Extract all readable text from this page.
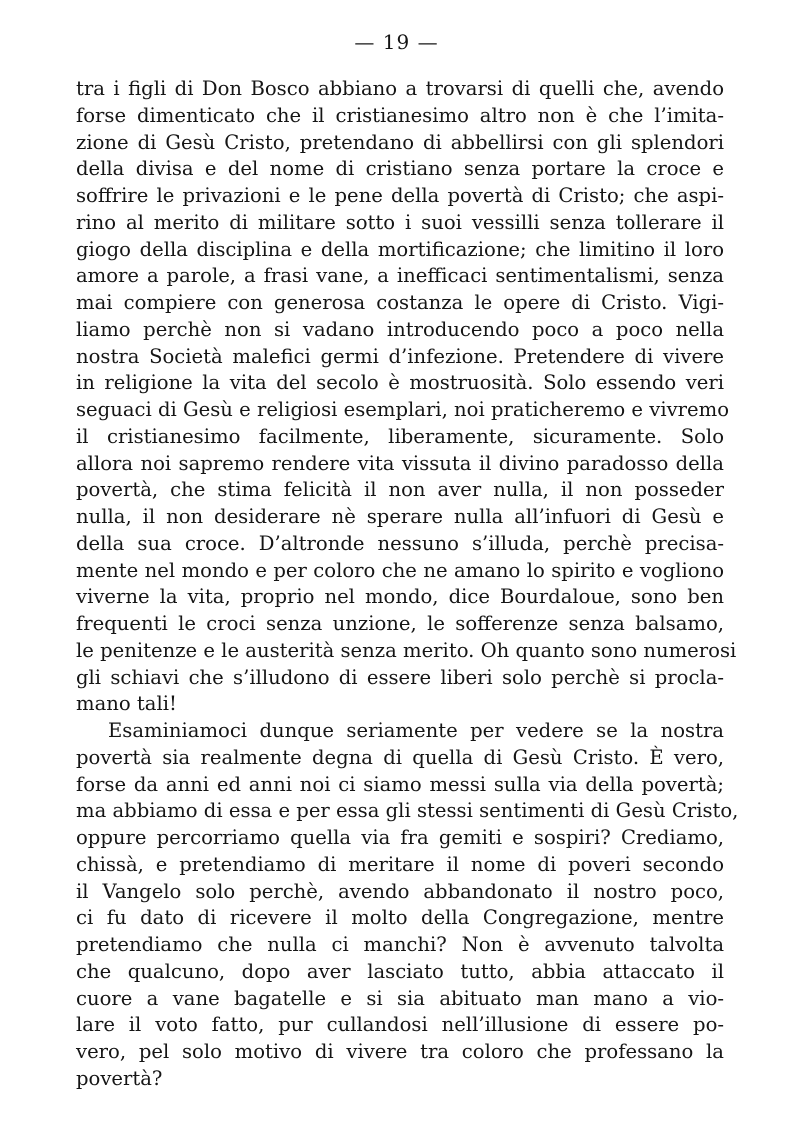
— 19 —
tra i figli di Don Bosco abbiano a trovarsi di quelli che, avendo
forse dimenticato che il cristianesimo altro non è che l’imita-
zione di Gesù Cristo, pretendano di abbellirsi con gli splendori
della divisa e del nome di cristiano senza portare la croce e
soffrire le privazioni e le pene della povertà di Cristo; che aspi-
rino al merito di militare sotto i suoi vessilli senza tollerare il
giogo della disciplina e della mortificazione; che limitino il loro
amore a parole, a frasi vane, a inefficaci sentimentalismi, senza
mai compiere con generosa costanza le opere di Cristo. Vigi-
liamo perchè non si vadano introducendo poco a poco nella
nostra Società malefici germi d’infezione. Pretendere di vivere
in religione la vita del secolo è mostruosità. Solo essendo veri
seguaci di Gesù e religiosi esemplari, noi praticheremo e vivremo
il cristianesimo facilmente, liberamente, sicuramente. Solo
allora noi sapremo rendere vita vissuta il divino paradosso della
povertà, che stima felicità il non aver nulla, il non posseder
nulla, il non desiderare nè sperare nulla all’infuori di Gesù e
della sua croce. D’altronde nessuno s’illuda, perchè precisa-
mente nel mondo e per coloro che ne amano lo spirito e vogliono
viverne la vita, proprio nel mondo, dice Bourdaloue, sono ben
frequenti le croci senza unzione, le sofferenze senza balsamo,
le penitenze e le austerità senza merito. Oh quanto sono numerosi
gli schiavi che s’illudono di essere liberi solo perchè si procla-
mano tali!
Esaminiamoci dunque seriamente per vedere se la nostra
povertà sia realmente degna di quella di Gesù Cristo. È vero,
forse da anni ed anni noi ci siamo messi sulla via della povertà;
ma abbiamo di essa e per essa gli stessi sentimenti di Gesù Cristo,
oppure percorriamo quella via fra gemiti e sospiri? Crediamo,
chissà, e pretendiamo di meritare il nome di poveri secondo
il Vangelo solo perchè, avendo abbandonato il nostro poco,
ci fu dato di ricevere il molto della Congregazione, mentre
pretendiamo che nulla ci manchi? Non è avvenuto talvolta
che qualcuno, dopo aver lasciato tutto, abbia attaccato il
cuore a vane bagatelle e si sia abituato man mano a vio-
lare il voto fatto, pur cullandosi nell’illusione di essere po-
vero, pel solo motivo di vivere tra coloro che professano la
povertà?
